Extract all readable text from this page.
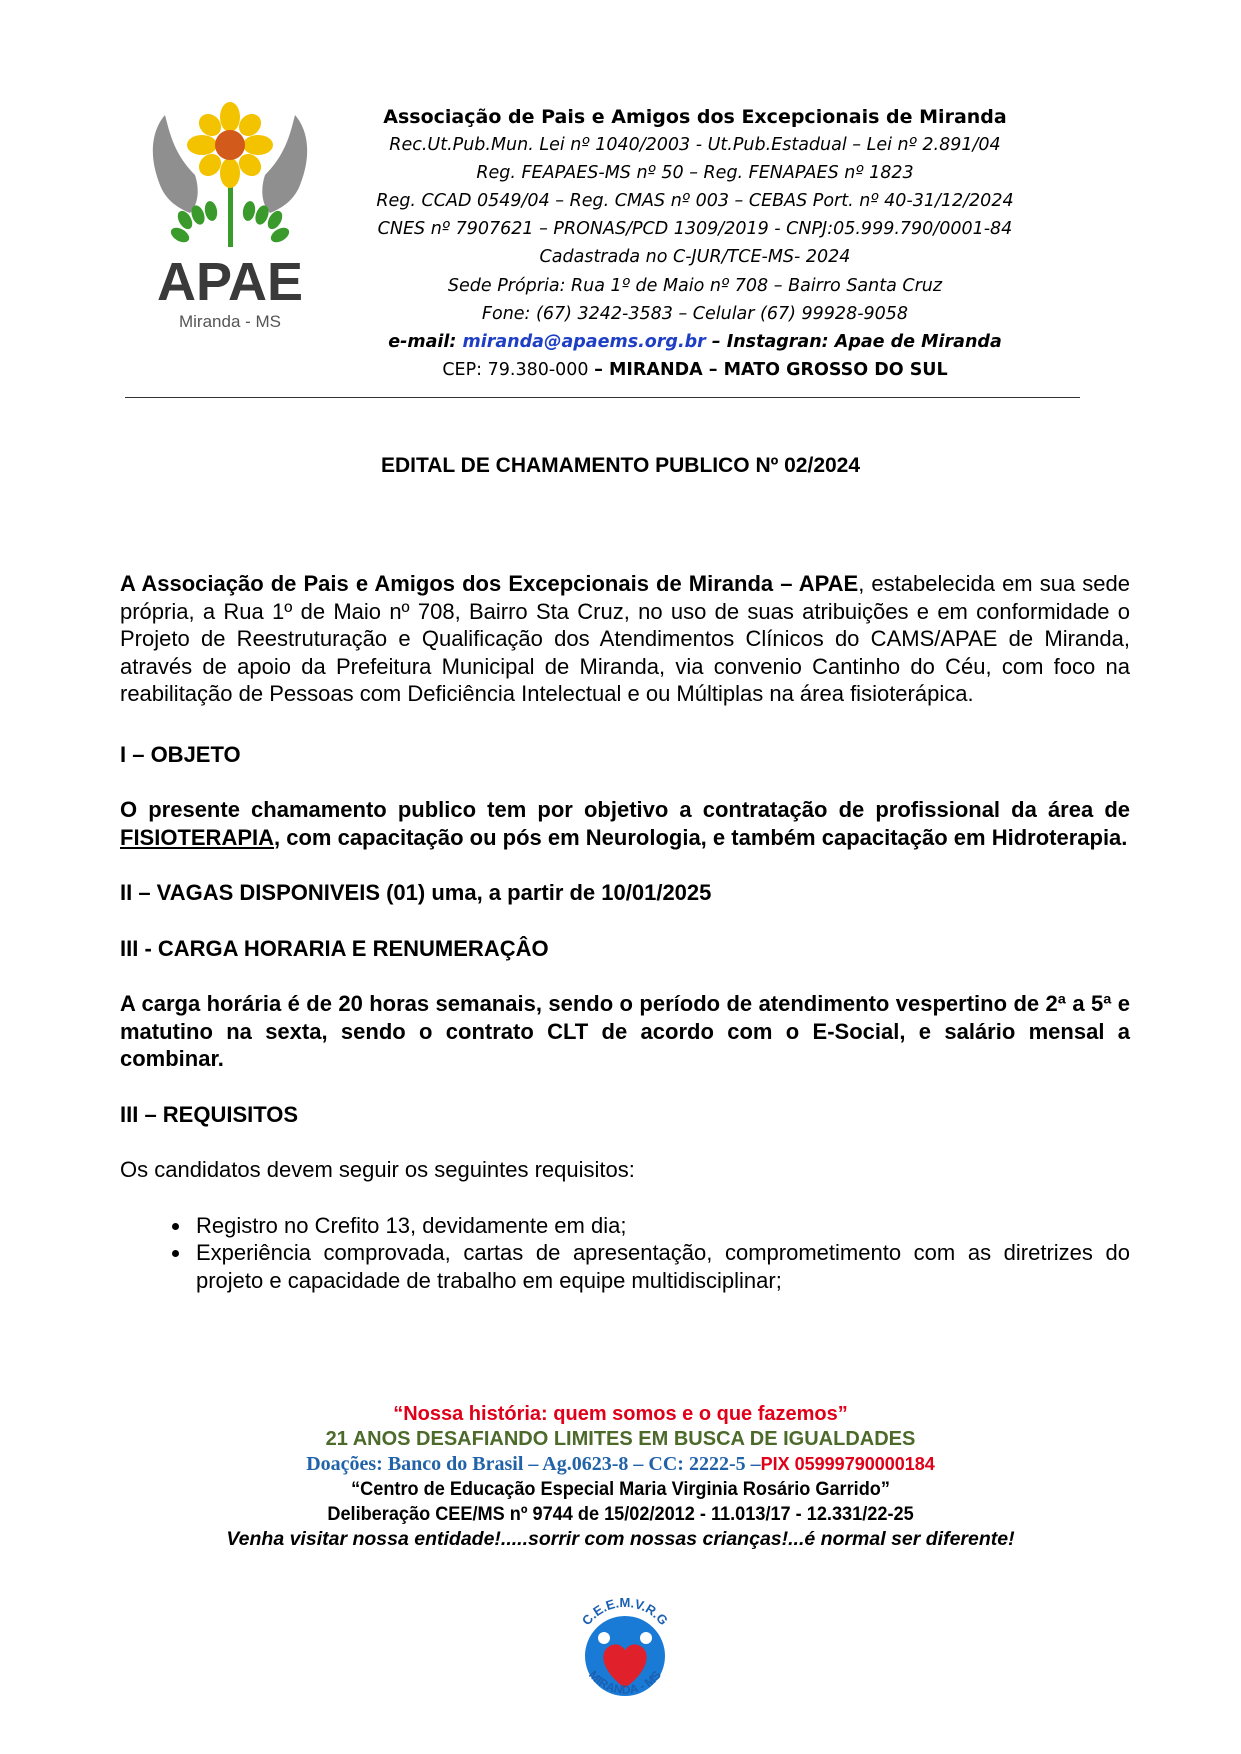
APAE
Miranda - MS
Associação de Pais e Amigos dos Excepcionais de Miranda
Rec.Ut.Pub.Mun. Lei nº 1040/2003 - Ut.Pub.Estadual – Lei nº 2.891/04
Reg. FEAPAES-MS nº 50 – Reg. FENAPAES nº 1823
Reg. CCAD 0549/04 – Reg. CMAS nº 003 – CEBAS Port. nº 40-31/12/2024
CNES nº 7907621 – PRONAS/PCD 1309/2019 - CNPJ:05.999.790/0001-84
Cadastrada no C-JUR/TCE-MS- 2024
Sede Própria: Rua 1º de Maio nº 708 – Bairro Santa Cruz
Fone: (67) 3242-3583 – Celular (67) 99928-9058
e-mail: miranda@apaems.org.br – Instagran: Apae de Miranda
CEP: 79.380-000 – MIRANDA – MATO GROSSO DO SUL
EDITAL DE CHAMAMENTO PUBLICO Nº 02/2024

A Associação de Pais e Amigos dos Excepcionais de Miranda – APAE, estabelecida em sua sede própria, a Rua 1º de Maio nº 708, Bairro Sta Cruz, no uso de suas atribuições e em conformidade o Projeto de Reestruturação e Qualificação dos Atendimentos Clínicos do CAMS/APAE de Miranda, através de apoio da Prefeitura Municipal de Miranda, via convenio Cantinho do Céu, com foco na reabilitação de Pessoas com Deficiência Intelectual e ou Múltiplas na área fisioterápica.

I – OBJETO

O presente chamamento publico tem por objetivo a contratação de profissional da área de FISIOTERAPIA, com capacitação ou pós em Neurologia, e também capacitação em Hidroterapia.

II – VAGAS DISPONIVEIS (01) uma, a partir de 10/01/2025

III - CARGA HORARIA E RENUMERAÇÂO

A carga horária é de 20 horas semanais, sendo o período de atendimento vespertino de 2ª a 5ª e matutino na sexta, sendo o contrato CLT de acordo com o E-Social, e salário mensal a combinar.

III – REQUISITOS

Os candidatos devem seguir os seguintes requisitos:

• Registro no Crefito 13, devidamente em dia;
• Experiência comprovada, cartas de apresentação, comprometimento com as diretrizes do projeto e capacidade de trabalho em equipe multidisciplinar;
“Nossa história: quem somos e o que fazemos”
21 ANOS DESAFIANDO LIMITES EM BUSCA DE IGUALDADES
Doações: Banco do Brasil – Ag.0623-8 – CC: 2222-5 –PIX 05999790000184
“Centro de Educação Especial Maria Virginia Rosário Garrido”
Deliberação CEE/MS nº 9744 de 15/02/2012 - 11.013/17 - 12.331/22-25
Venha visitar nossa entidade!.....sorrir com nossas crianças!...é normal ser diferente!
C.E.E.M.V.R.G
MIRANDA - MS
